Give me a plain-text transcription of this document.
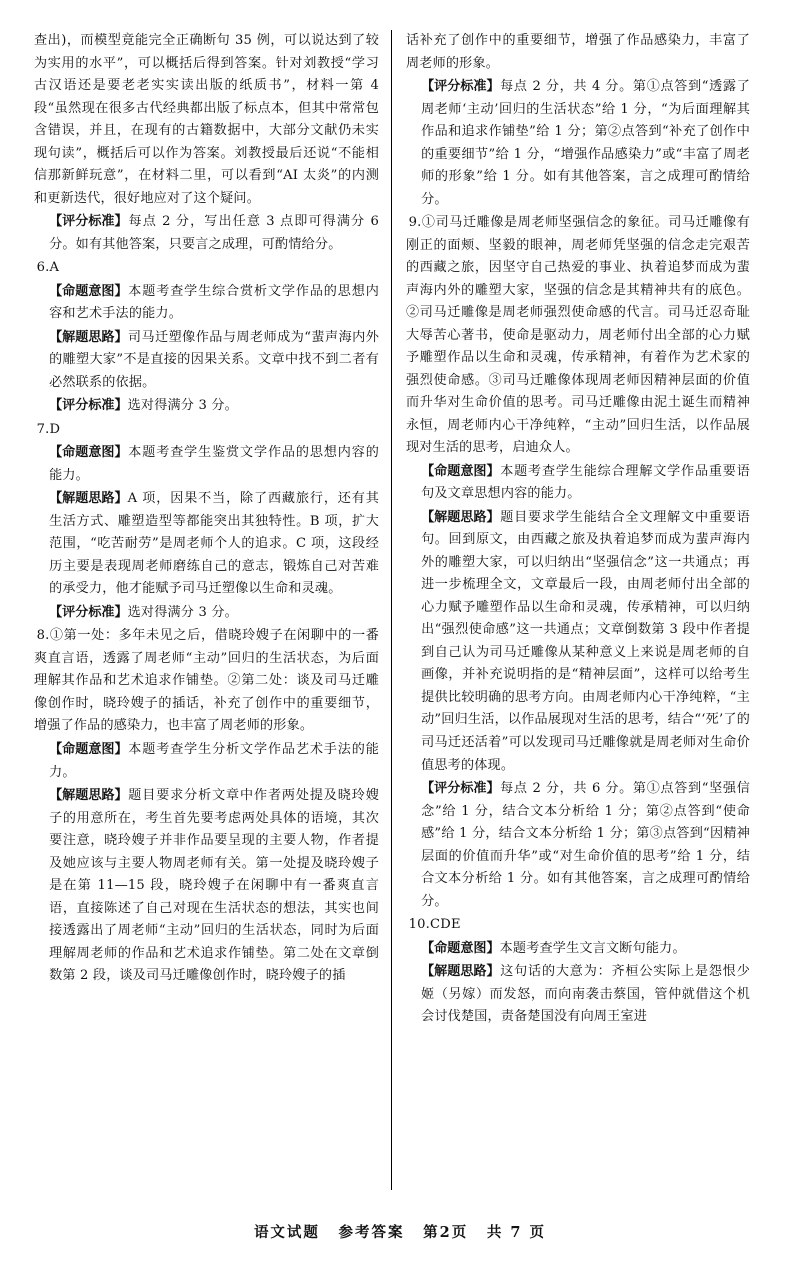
查出)，而模型竟能完全正确断句 35 例，可以说达到了较为实用的水平”，可以概括后得到答案。针对刘教授“学习古汉语还是要老老实实读出版的纸质书”，材料一第 4 段“虽然现在很多古代经典都出版了标点本，但其中常常包含错误，并且，在现有的古籍数据中，大部分文献仍未实现句读”，概括后可以作为答案。刘教授最后还说“不能相信那新鲜玩意”，在材料二里，可以看到“AI 太炎”的内测和更新迭代，很好地应对了这个疑问。

【评分标准】每点 2 分，写出任意 3 点即可得满分 6 分。如有其他答案，只要言之成理，可酌情给分。

6.A

【命题意图】本题考查学生综合赏析文学作品的思想内容和艺术手法的能力。

【解题思路】司马迁塑像作品与周老师成为“蜚声海内外的雕塑大家”不是直接的因果关系。文章中找不到二者有必然联系的依据。

【评分标准】选对得满分 3 分。

7.D

【命题意图】本题考查学生鉴赏文学作品的思想内容的能力。

【解题思路】A 项，因果不当，除了西藏旅行，还有其生活方式、雕塑造型等都能突出其独特性。B 项，扩大范围，“吃苦耐劳”是周老师个人的追求。C 项，这段经历主要是表现周老师磨练自己的意志，锻炼自己对苦难的承受力，他才能赋予司马迁塑像以生命和灵魂。

【评分标准】选对得满分 3 分。

8.①第一处：多年未见之后，借晓玲嫂子在闲聊中的一番爽直言语，透露了周老师“主动”回归的生活状态，为后面理解其作品和艺术追求作铺垫。②第二处：谈及司马迁雕像创作时，晓玲嫂子的插话，补充了创作中的重要细节，增强了作品的感染力，也丰富了周老师的形象。

【命题意图】本题考查学生分析文学作品艺术手法的能力。

【解题思路】题目要求分析文章中作者两处提及晓玲嫂子的用意所在，考生首先要考虑两处具体的语境，其次要注意，晓玲嫂子并非作品要呈现的主要人物，作者提及她应该与主要人物周老师有关。第一处提及晓玲嫂子是在第 11—15 段，晓玲嫂子在闲聊中有一番爽直言语，直接陈述了自己对现在生活状态的想法，其实也间接透露出了周老师“主动”回归的生活状态，同时为后面理解周老师的作品和艺术追求作铺垫。第二处在文章倒数第 2 段，谈及司马迁雕像创作时，晓玲嫂子的插

话补充了创作中的重要细节，增强了作品感染力，丰富了周老师的形象。

【评分标准】每点 2 分，共 4 分。第①点答到“透露了周老师‘主动’回归的生活状态”给 1 分，“为后面理解其作品和追求作铺垫”给 1 分；第②点答到“补充了创作中的重要细节”给 1 分，“增强作品感染力”或“丰富了周老师的形象”给 1 分。如有其他答案，言之成理可酌情给分。

9.①司马迁雕像是周老师坚强信念的象征。司马迁雕像有刚正的面颊、坚毅的眼神，周老师凭坚强的信念走完艰苦的西藏之旅，因坚守自己热爱的事业、执着追梦而成为蜚声海内外的雕塑大家，坚强的信念是其精神共有的底色。②司马迁雕像是周老师强烈使命感的代言。司马迁忍奇耻大辱苦心著书，使命是驱动力，周老师付出全部的心力赋予雕塑作品以生命和灵魂，传承精神，有着作为艺术家的强烈使命感。③司马迁雕像体现周老师因精神层面的价值而升华对生命价值的思考。司马迁雕像由泥土诞生而精神永恒，周老师内心干净纯粹，“主动”回归生活，以作品展现对生活的思考，启迪众人。

【命题意图】本题考查学生能综合理解文学作品重要语句及文章思想内容的能力。

【解题思路】题目要求学生能结合全文理解文中重要语句。回到原文，由西藏之旅及执着追梦而成为蜚声海内外的雕塑大家，可以归纳出“坚强信念”这一共通点；再进一步梳理全文，文章最后一段，由周老师付出全部的心力赋予雕塑作品以生命和灵魂，传承精神，可以归纳出“强烈使命感”这一共通点；文章倒数第 3 段中作者提到自己认为司马迁雕像从某种意义上来说是周老师的自画像，并补充说明指的是“精神层面”，这样可以给考生提供比较明确的思考方向。由周老师内心干净纯粹，“主动”回归生活，以作品展现对生活的思考，结合“‘死’了的司马迁还活着”可以发现司马迁雕像就是周老师对生命价值思考的体现。

【评分标准】每点 2 分，共 6 分。第①点答到“坚强信念”给 1 分，结合文本分析给 1 分；第②点答到“使命感”给 1 分，结合文本分析给 1 分；第③点答到“因精神层面的价值而升华”或“对生命价值的思考”给 1 分，结合文本分析给 1 分。如有其他答案，言之成理可酌情给分。

10.CDE

【命题意图】本题考查学生文言文断句能力。

【解题思路】这句话的大意为：齐桓公实际上是怨恨少姬（另嫁）而发怒，而向南袭击蔡国，管仲就借这个机会讨伐楚国，责备楚国没有向周王室进

语文试题 参考答案 第2页 共 7 页
